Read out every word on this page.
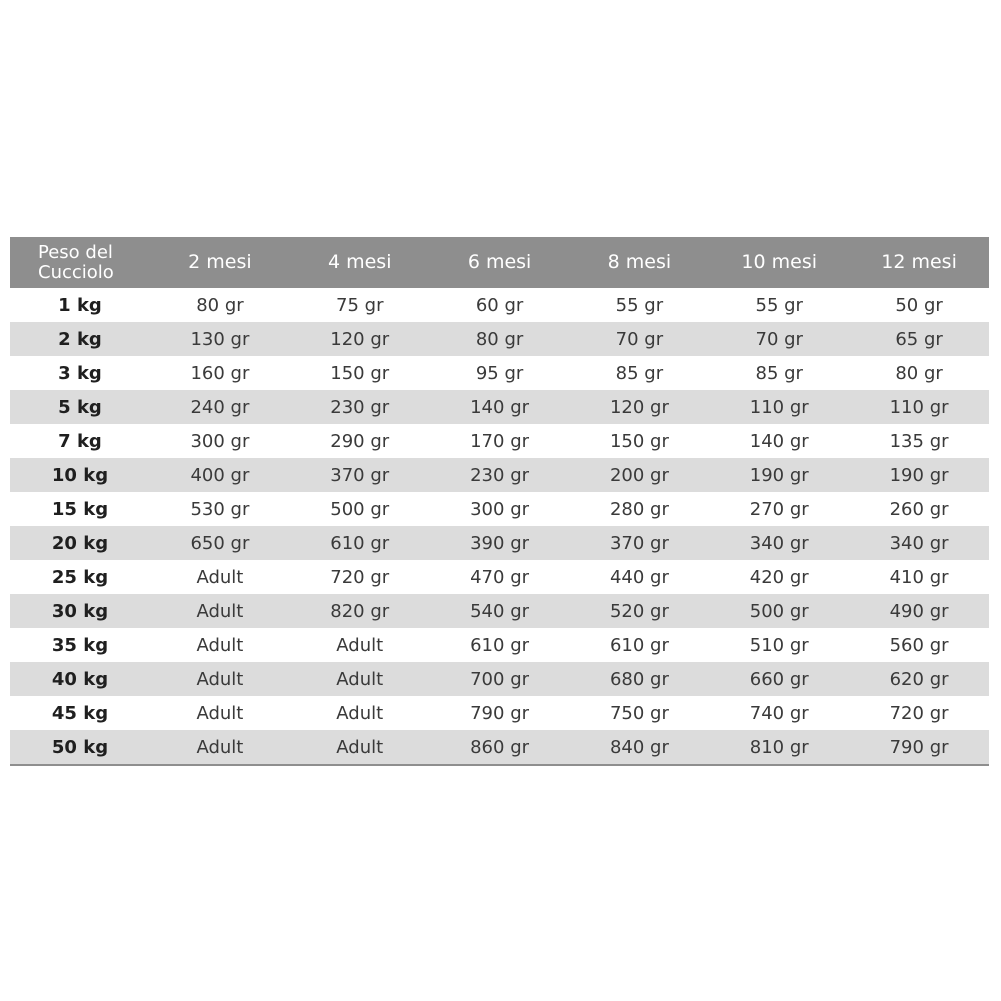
Peso del
Cucciolo	2 mesi	4 mesi	6 mesi	8 mesi	10 mesi	12 mesi
1 kg	80 gr	75 gr	60 gr	55 gr	55 gr	50 gr
2 kg	130 gr	120 gr	80 gr	70 gr	70 gr	65 gr
3 kg	160 gr	150 gr	95 gr	85 gr	85 gr	80 gr
5 kg	240 gr	230 gr	140 gr	120 gr	110 gr	110 gr
7 kg	300 gr	290 gr	170 gr	150 gr	140 gr	135 gr
10 kg	400 gr	370 gr	230 gr	200 gr	190 gr	190 gr
15 kg	530 gr	500 gr	300 gr	280 gr	270 gr	260 gr
20 kg	650 gr	610 gr	390 gr	370 gr	340 gr	340 gr
25 kg	Adult	720 gr	470 gr	440 gr	420 gr	410 gr
30 kg	Adult	820 gr	540 gr	520 gr	500 gr	490 gr
35 kg	Adult	Adult	610 gr	610 gr	510 gr	560 gr
40 kg	Adult	Adult	700 gr	680 gr	660 gr	620 gr
45 kg	Adult	Adult	790 gr	750 gr	740 gr	720 gr
50 kg	Adult	Adult	860 gr	840 gr	810 gr	790 gr
